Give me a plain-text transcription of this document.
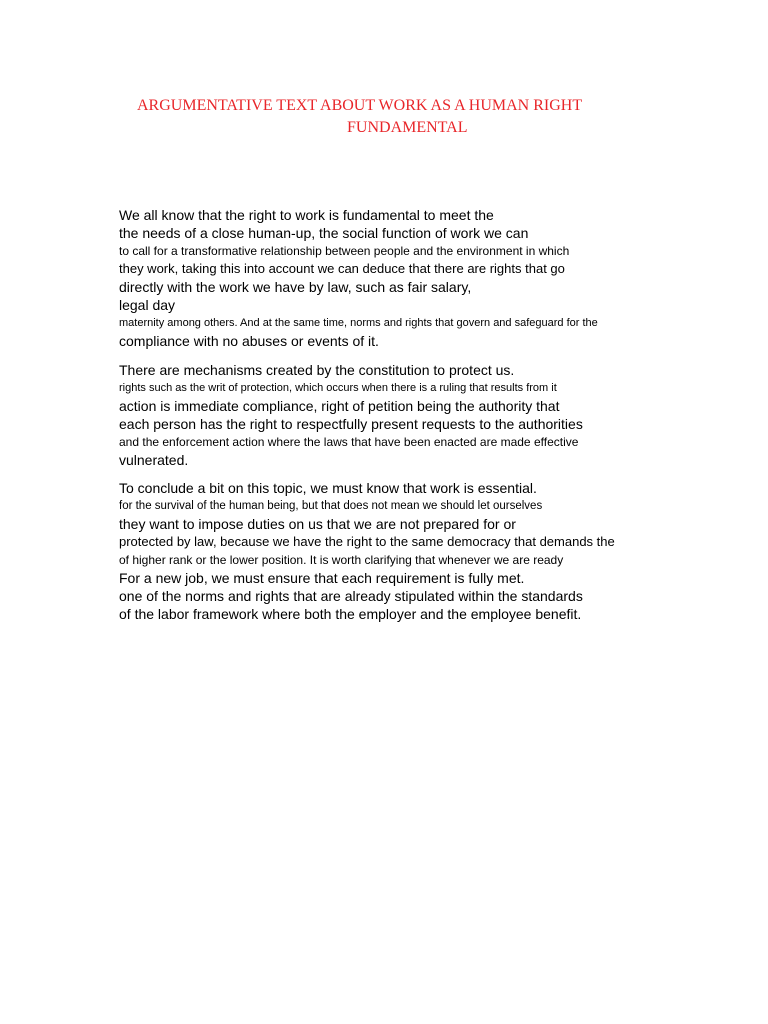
ARGUMENTATIVE TEXT ABOUT WORK AS A HUMAN RIGHT
FUNDAMENTAL
We all know that the right to work is fundamental to meet the
the needs of a close human-up, the social function of work we can
to call for a transformative relationship between people and the environment in which
they work, taking this into account we can deduce that there are rights that go
directly with the work we have by law, such as fair salary,
legal day
maternity among others. And at the same time, norms and rights that govern and safeguard for the
compliance with no abuses or events of it.
There are mechanisms created by the constitution to protect us.
rights such as the writ of protection, which occurs when there is a ruling that results from it
action is immediate compliance, right of petition being the authority that
each person has the right to respectfully present requests to the authorities
and the enforcement action where the laws that have been enacted are made effective
vulnerated.
To conclude a bit on this topic, we must know that work is essential.
for the survival of the human being, but that does not mean we should let ourselves
they want to impose duties on us that we are not prepared for or
protected by law, because we have the right to the same democracy that demands the
of higher rank or the lower position. It is worth clarifying that whenever we are ready
For a new job, we must ensure that each requirement is fully met.
one of the norms and rights that are already stipulated within the standards
of the labor framework where both the employer and the employee benefit.
